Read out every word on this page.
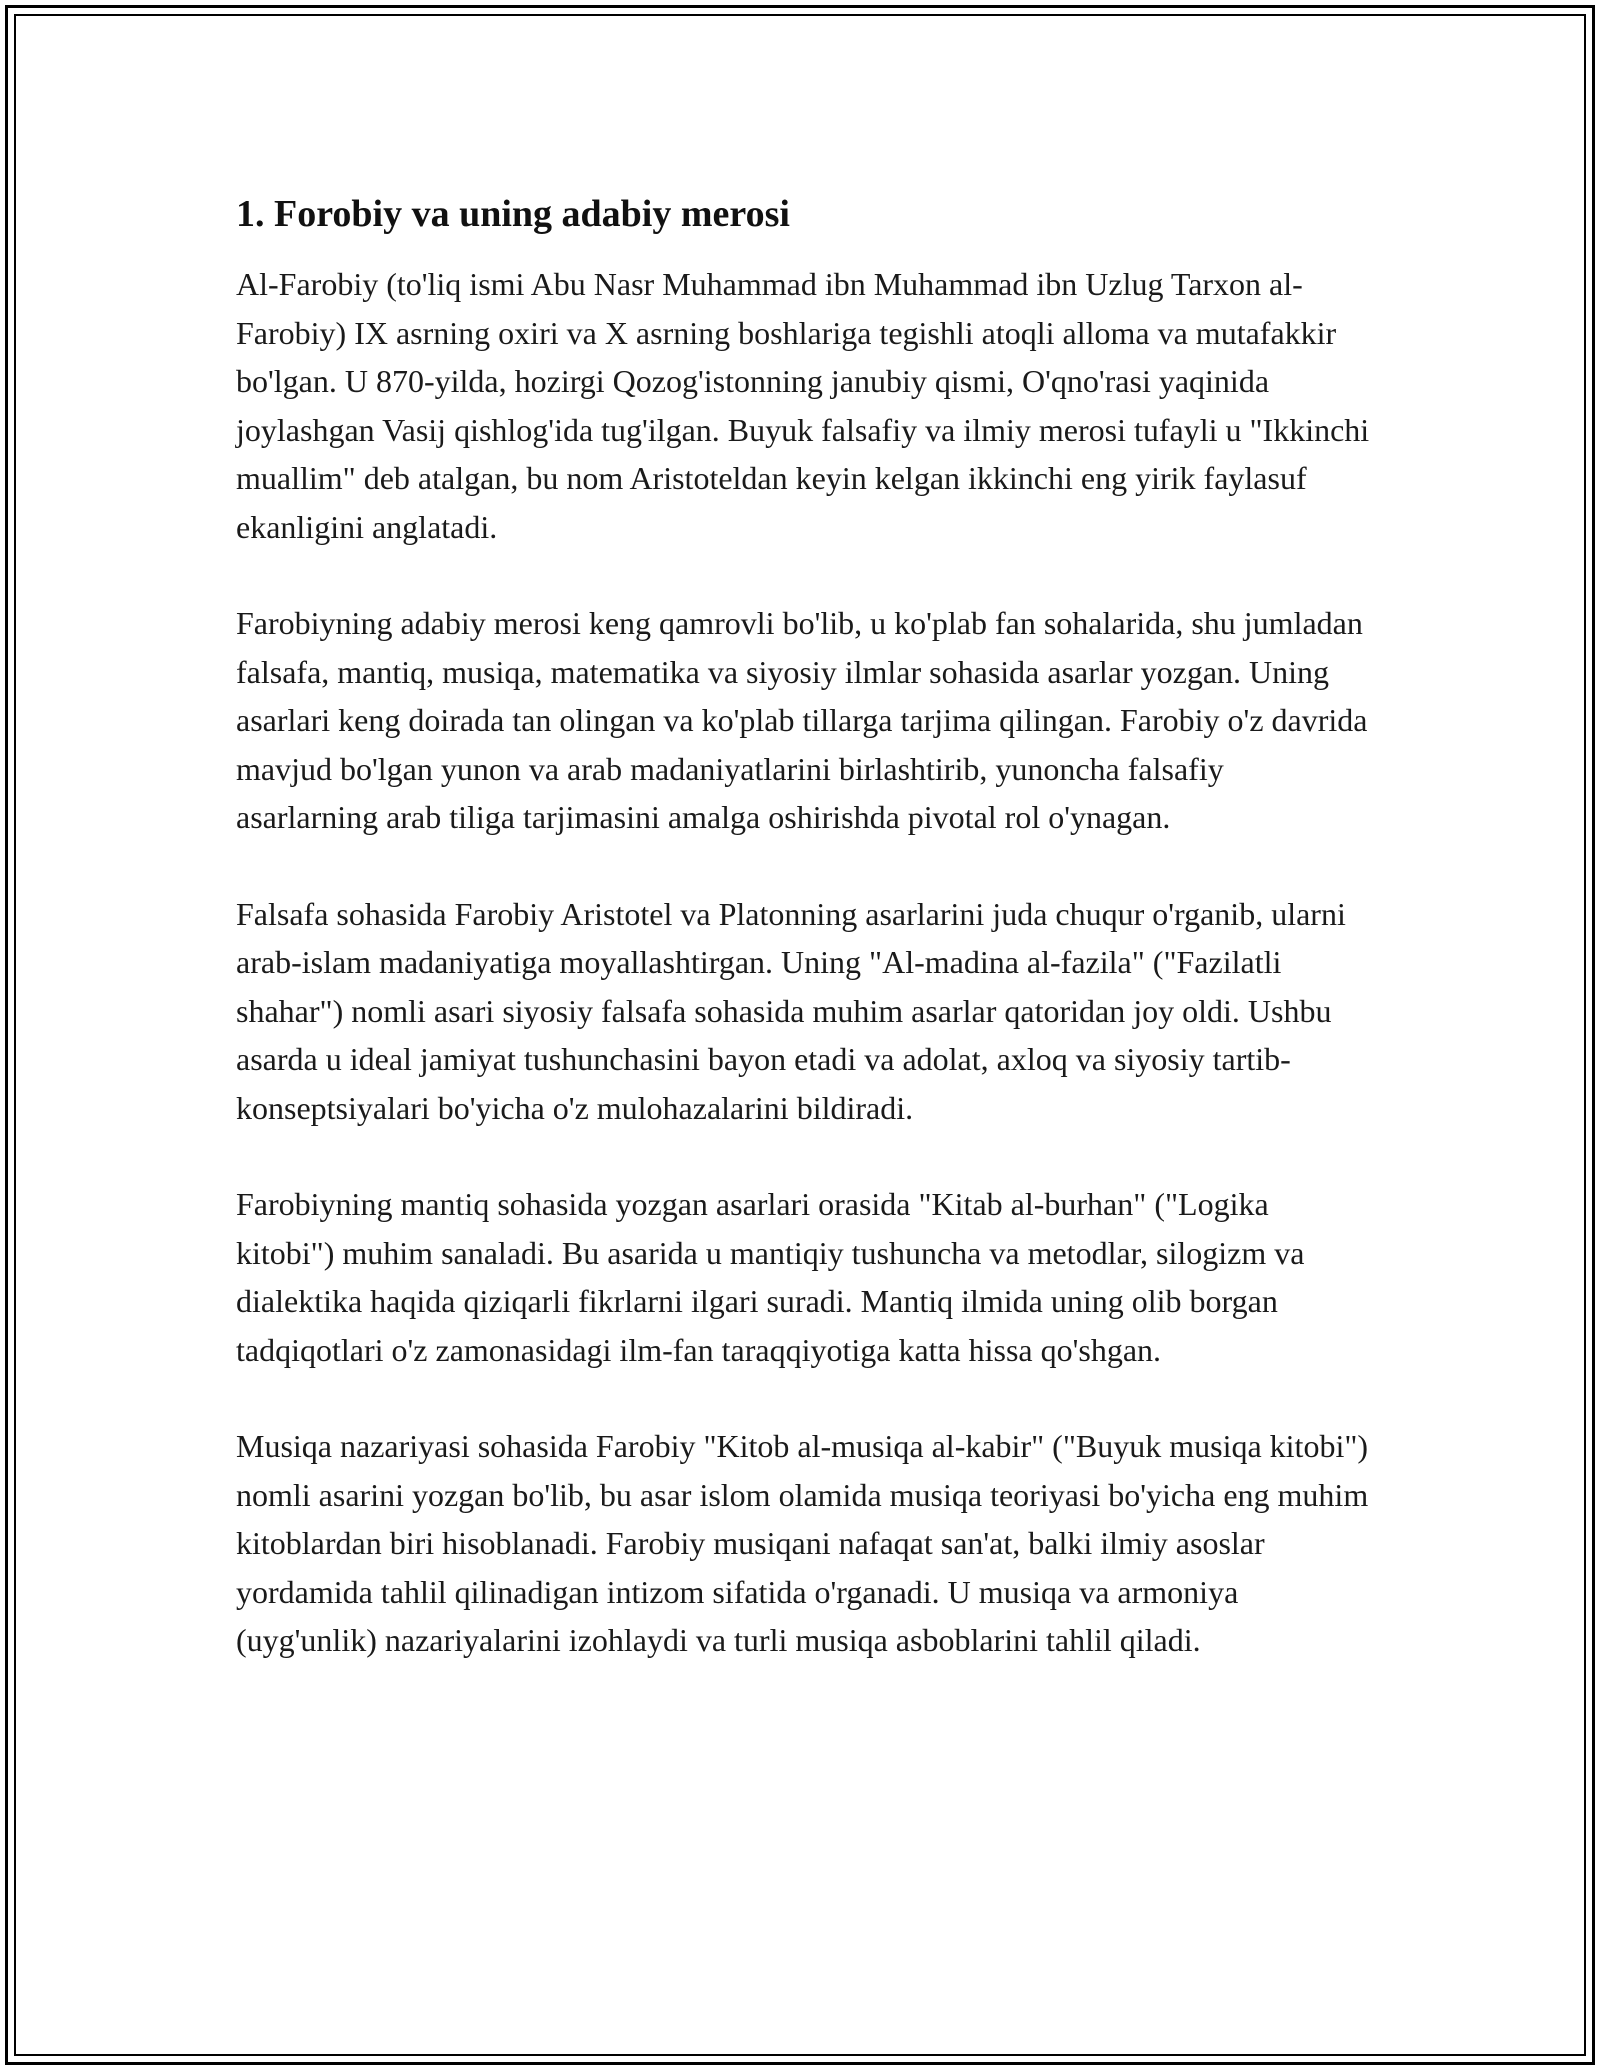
1. Forobiy va uning adabiy merosi

Al-Farobiy (to'liq ismi Abu Nasr Muhammad ibn Muhammad ibn Uzlug Tarxon al-Farobiy) IX asrning oxiri va X asrning boshlariga tegishli atoqli alloma va mutafakkir bo'lgan. U 870-yilda, hozirgi Qozog'istonning janubiy qismi, O'qno'rasi yaqinida joylashgan Vasij qishlog'ida tug'ilgan. Buyuk falsafiy va ilmiy merosi tufayli u "Ikkinchi muallim" deb atalgan, bu nom Aristoteldan keyin kelgan ikkinchi eng yirik faylasuf ekanligini anglatadi.

Farobiyning adabiy merosi keng qamrovli bo'lib, u ko'plab fan sohalarida, shu jumladan falsafa, mantiq, musiqa, matematika va siyosiy ilmlar sohasida asarlar yozgan. Uning asarlari keng doirada tan olingan va ko'plab tillarga tarjima qilingan. Farobiy o'z davrida mavjud bo'lgan yunon va arab madaniyatlarini birlashtirib, yunoncha falsafiy asarlarning arab tiliga tarjimasini amalga oshirishda pivotal rol o'ynagan.

Falsafa sohasida Farobiy Aristotel va Platonning asarlarini juda chuqur o'rganib, ularni arab-islam madaniyatiga moyallashtirgan. Uning "Al-madina al-fazila" ("Fazilatli shahar") nomli asari siyosiy falsafa sohasida muhim asarlar qatoridan joy oldi. Ushbu asarda u ideal jamiyat tushunchasini bayon etadi va adolat, axloq va siyosiy tartib-konseptsiyalari bo'yicha o'z mulohazalarini bildiradi.

Farobiyning mantiq sohasida yozgan asarlari orasida "Kitab al-burhan" ("Logika kitobi") muhim sanaladi. Bu asarida u mantiqiy tushuncha va metodlar, silogizm va dialektika haqida qiziqarli fikrlarni ilgari suradi. Mantiq ilmida uning olib borgan tadqiqotlari o'z zamonasidagi ilm-fan taraqqiyotiga katta hissa qo'shgan.

Musiqa nazariyasi sohasida Farobiy "Kitob al-musiqa al-kabir" ("Buyuk musiqa kitobi") nomli asarini yozgan bo'lib, bu asar islom olamida musiqa teoriyasi bo'yicha eng muhim kitoblardan biri hisoblanadi. Farobiy musiqani nafaqat san'at, balki ilmiy asoslar yordamida tahlil qilinadigan intizom sifatida o'rganadi. U musiqa va armoniya (uyg'unlik) nazariyalarini izohlaydi va turli musiqa asboblarini tahlil qiladi.
